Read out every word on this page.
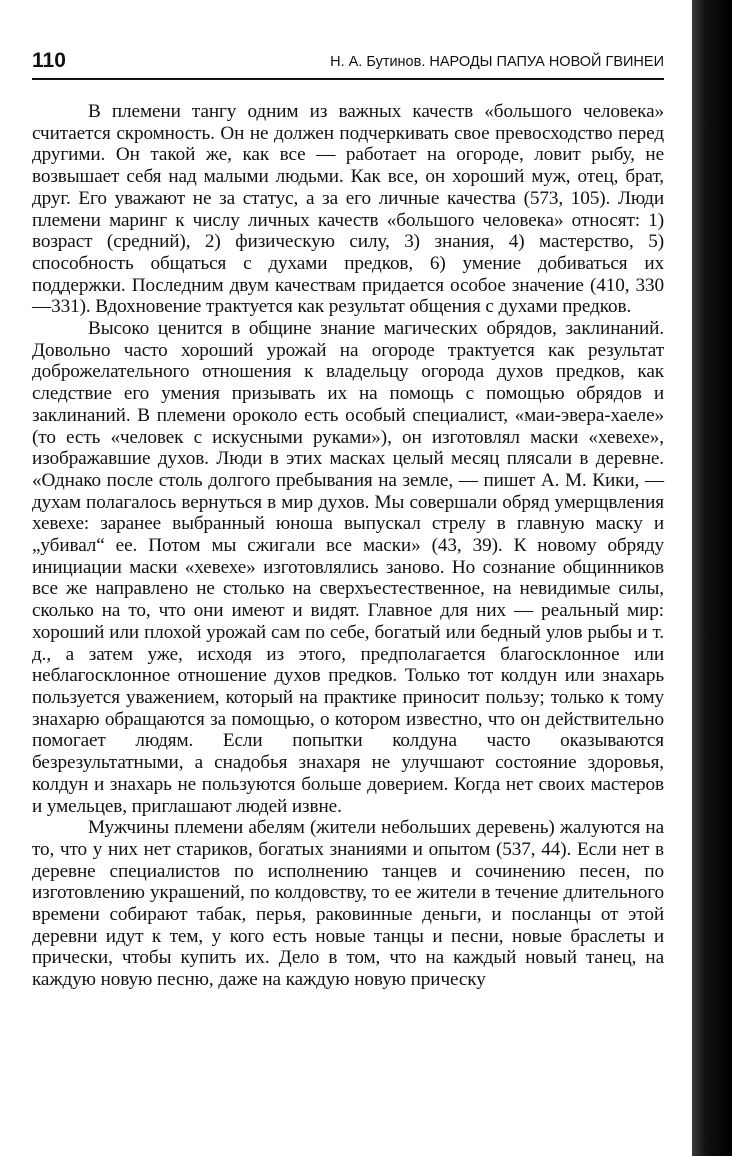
110	Н. А. Бутинов. НАРОДЫ ПАПУА НОВОЙ ГВИНЕИ

В племени тангу одним из важных качеств «большого человека» считается скромность. Он не должен подчеркивать свое превосходство перед другими. Он такой же, как все — работает на огороде, ловит рыбу, не возвышает себя над малыми людьми. Как все, он хороший муж, отец, брат, друг. Его уважают не за статус, а за его личные качества (573, 105). Люди племени маринг к числу личных качеств «большого человека» относят: 1) возраст (средний), 2) физическую силу, 3) знания, 4) мастерство, 5) способность общаться с духами предков, 6) умение добиваться их поддержки. Последним двум качествам придается особое значение (410, 330—331). Вдохновение трактуется как результат общения с духами предков.

Высоко ценится в общине знание магических обрядов, заклинаний. Довольно часто хороший урожай на огороде трактуется как результат доброжелательного отношения к владельцу огорода духов предков, как следствие его умения призывать их на помощь с помощью обрядов и заклинаний. В племени ороколо есть особый специалист, «маи-эвера-хаеле» (то есть «человек с искусными руками»), он изготовлял маски «хевехе», изображавшие духов. Люди в этих масках целый месяц плясали в деревне. «Однако после столь долгого пребывания на земле, — пишет А. М. Кики, — духам полагалось вернуться в мир духов. Мы совершали обряд умерщвления хевехе: заранее выбранный юноша выпускал стрелу в главную маску и „убивал“ ее. Потом мы сжигали все маски» (43, 39). К новому обряду инициации маски «хевехе» изготовлялись заново. Но сознание общинников все же направлено не столько на сверхъестественное, на невидимые силы, сколько на то, что они имеют и видят. Главное для них — реальный мир: хороший или плохой урожай сам по себе, богатый или бедный улов рыбы и т. д., а затем уже, исходя из этого, предполагается благосклонное или неблагосклонное отношение духов предков. Только тот колдун или знахарь пользуется уважением, который на практике приносит пользу; только к тому знахарю обращаются за помощью, о котором известно, что он действительно помогает людям. Если попытки колдуна часто оказываются безрезультатными, а снадобья знахаря не улучшают состояние здоровья, колдун и знахарь не пользуются больше доверием. Когда нет своих мастеров и умельцев, приглашают людей извне.

Мужчины племени абелям (жители небольших деревень) жалуются на то, что у них нет стариков, богатых знаниями и опытом (537, 44). Если нет в деревне специалистов по исполнению танцев и сочинению песен, по изготовлению украшений, по колдовству, то ее жители в течение длительного времени собирают табак, перья, раковинные деньги, и посланцы от этой деревни идут к тем, у кого есть новые танцы и песни, новые браслеты и прически, чтобы купить их. Дело в том, что на каждый новый танец, на каждую новую песню, даже на каждую новую прическу
